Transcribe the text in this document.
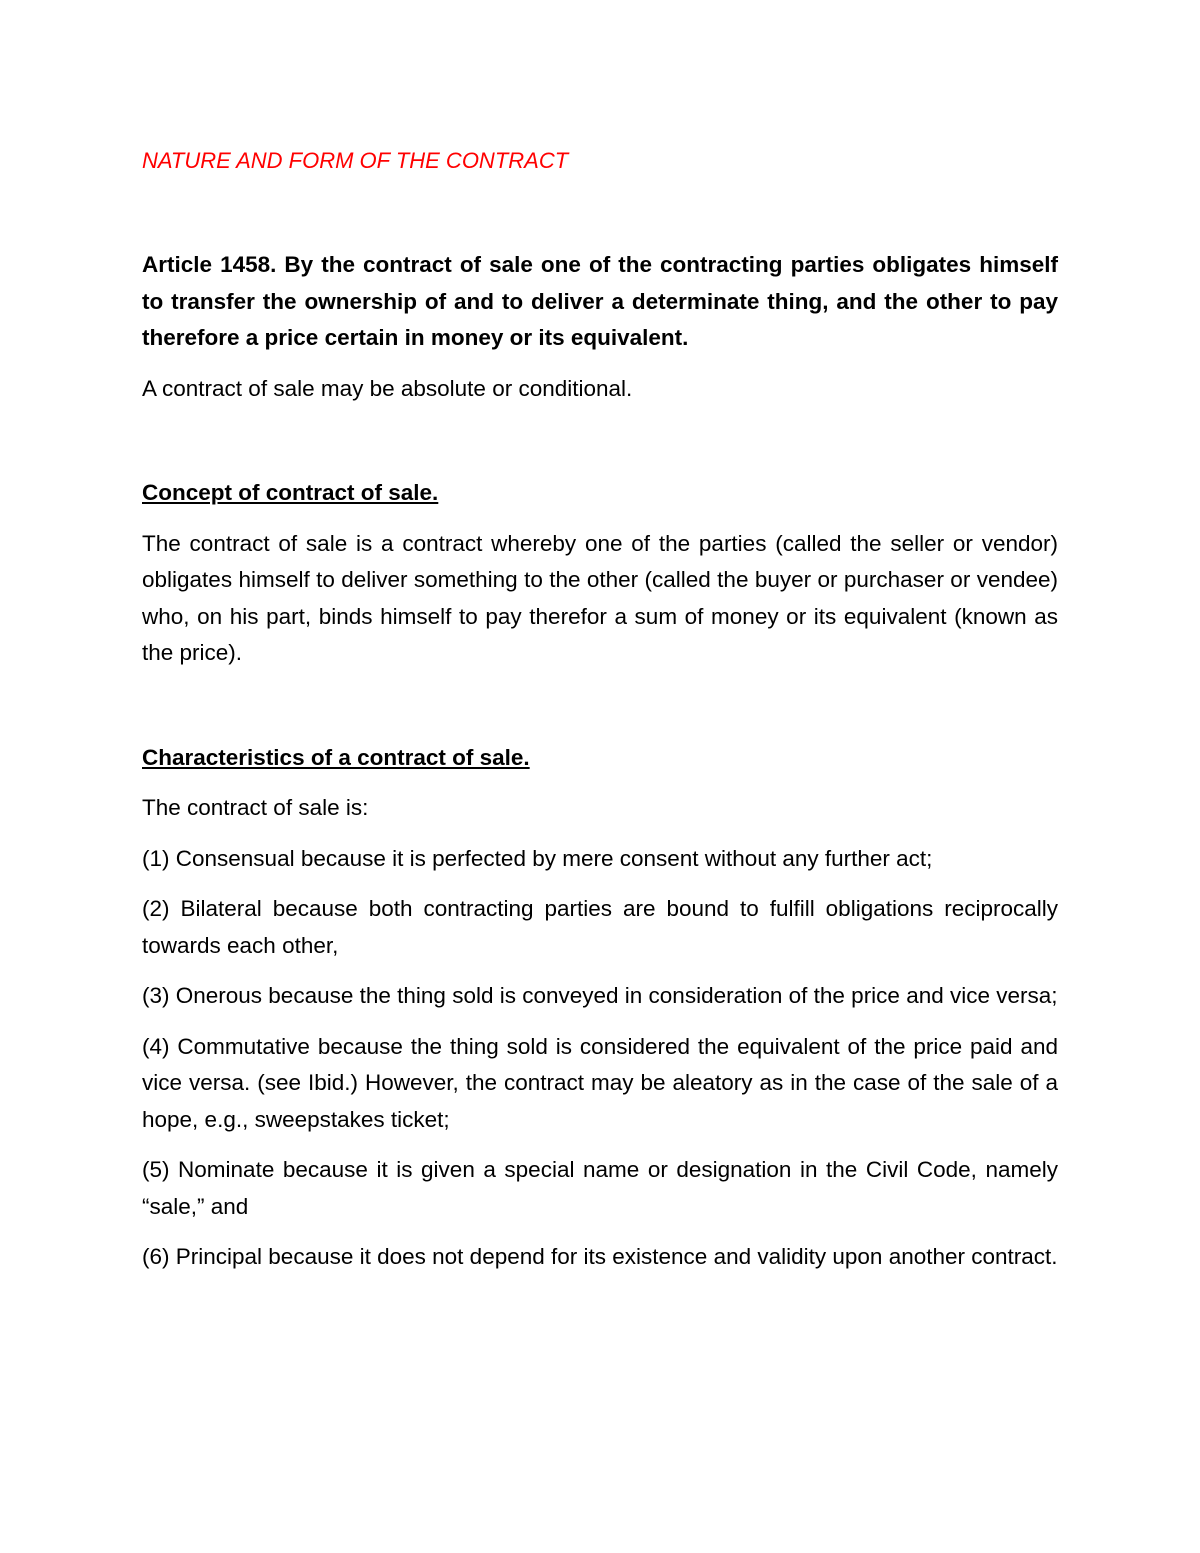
NATURE AND FORM OF THE CONTRACT

Article 1458. By the contract of sale one of the contracting parties obligates himself to transfer the ownership of and to deliver a determinate thing, and the other to pay therefore a price certain in money or its equivalent.

A contract of sale may be absolute or conditional.

Concept of contract of sale.

The contract of sale is a contract whereby one of the parties (called the seller or vendor) obligates himself to deliver something to the other (called the buyer or purchaser or vendee) who, on his part, binds himself to pay therefor a sum of money or its equivalent (known as the price).

Characteristics of a contract of sale.

The contract of sale is:

(1) Consensual because it is perfected by mere consent without any further act;

(2) Bilateral because both contracting parties are bound to fulfill obligations reciprocally towards each other,

(3) Onerous because the thing sold is conveyed in consideration of the price and vice versa;

(4) Commutative because the thing sold is considered the equivalent of the price paid and vice versa. (see Ibid.) However, the contract may be aleatory as in the case of the sale of a hope, e.g., sweepstakes ticket;

(5) Nominate because it is given a special name or designation in the Civil Code, namely “sale,” and

(6) Principal because it does not depend for its existence and validity upon another contract.
